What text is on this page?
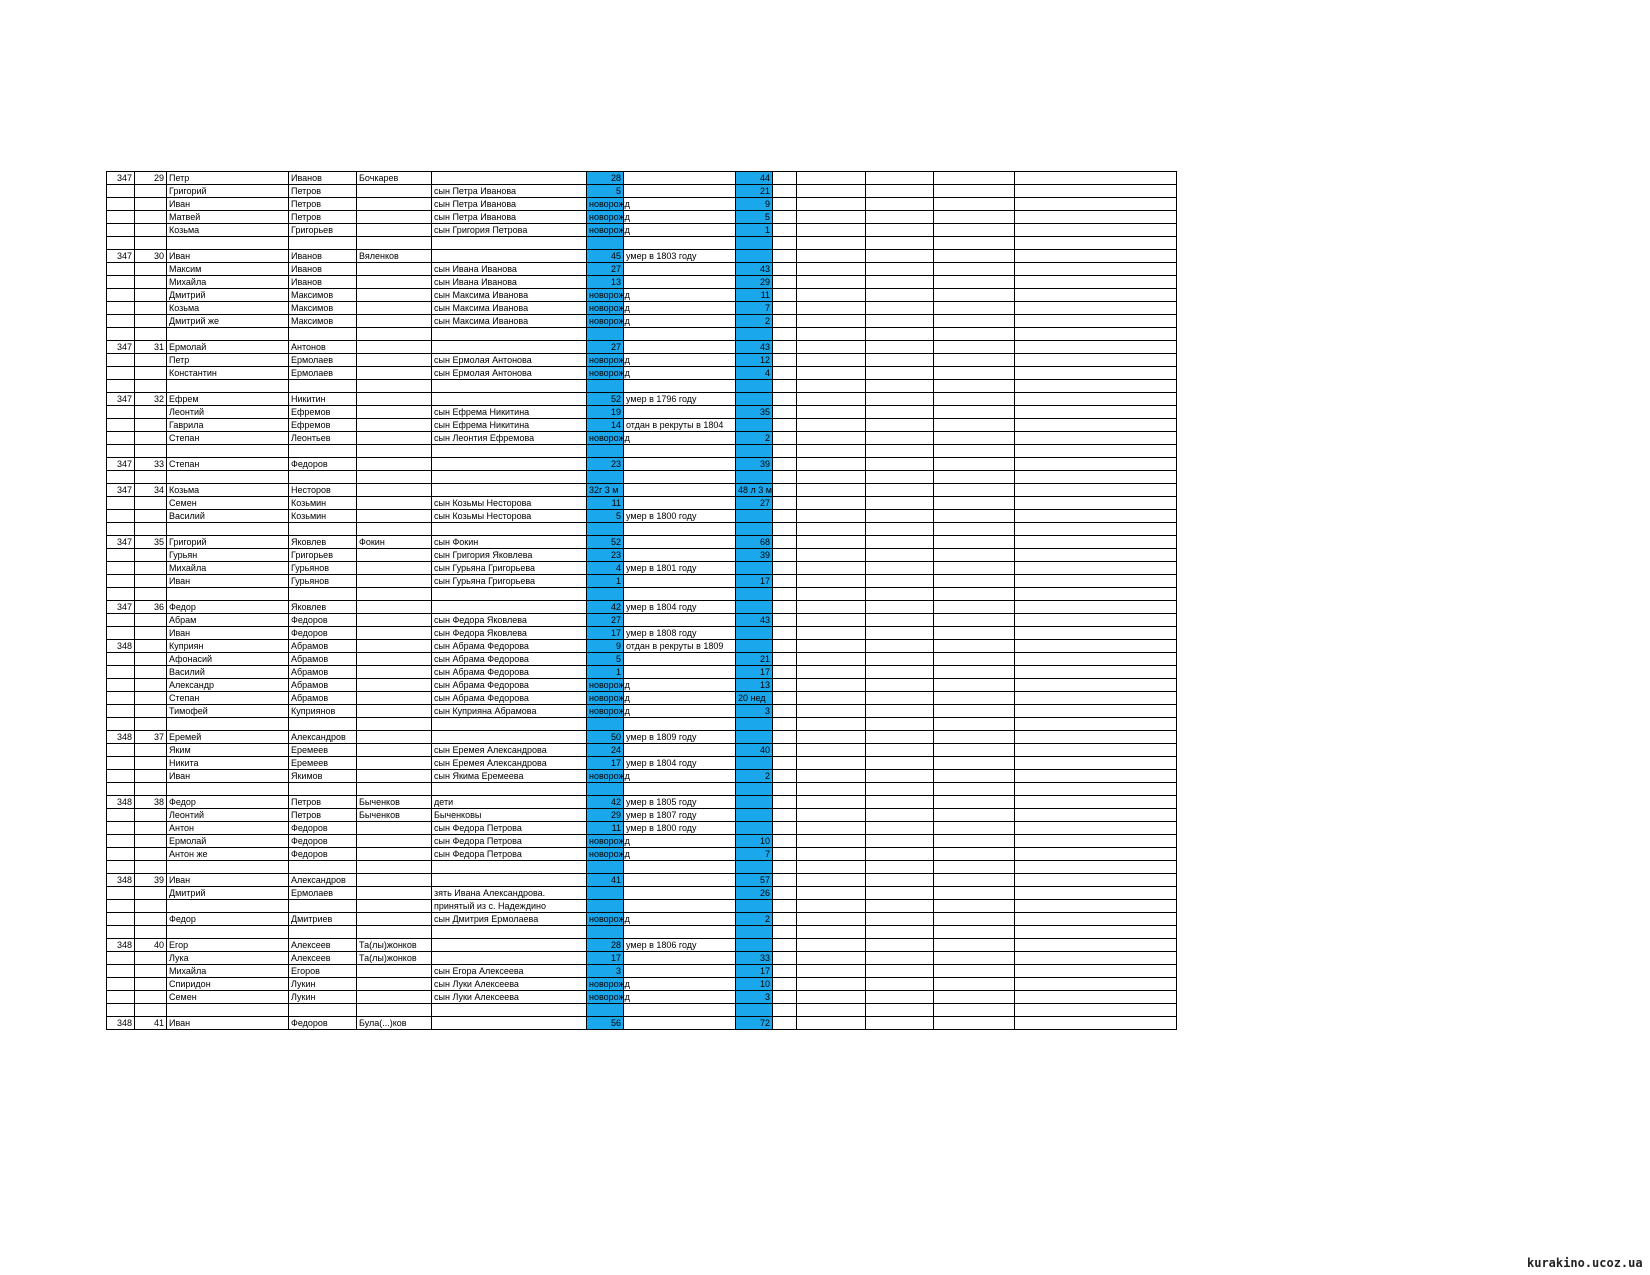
347	29	Петр	Иванов	Бочкарев		28		44					
		Григорий	Петров		сын Петра Иванова	5		21					
		Иван	Петров		сын Петра Иванова	новорожд		9					
		Матвей	Петров		сын Петра Иванова	новорожд		5					
		Козьма	Григорьев		сын Григория Петрова	новорожд		1					

347	30	Иван	Иванов	Вяленков		45	умер в 1803 году						

		Максим	Иванов		сын Ивана Иванова	27		43					
		Михайла	Иванов		сын Ивана Иванова	13		29					
		Дмитрий	Максимов		сын Максима Иванова	новорожд		11					
		Козьма	Максимов		сын Максима Иванова	новорожд		7					
		Дмитрий же	Максимов		сын Максима Иванова	новорожд		2					

347	31	Ермолай	Антонов			27		43					
		Петр	Ермолаев		сын Ермолая Антонова	новорожд		12					
		Константин	Ермолаев		сын Ермолая Антонова	новорожд		4					

347	32	Ефрем	Никитин			52	умер в 1796 году						

		Леонтий	Ефремов		сын Ефрема Никитина	19		35					
		Гаврила	Ефремов		сын Ефрема Никитина	14	отдан в рекруты в 1804						

		Степан	Леонтьев		сын Леонтия Ефремова	новорожд		2					

347	33	Степан	Федоров			23		39					

347	34	Козьма	Несторов			32г 3 м		48 л 3 м					

		Семен	Козьмин		сын Козьмы Несторова	11		27					
		Василий	Козьмин		сын Козьмы Несторова	5	умер в 1800 году						

347	35	Григорий	Яковлев	Фокин	сын Фокин	52		68					
		Гурьян	Григорьев		сын Григория Яковлева	23		39					
		Михайла	Гурьянов		сын Гурьяна Григорьева	4	умер в 1801 году						

		Иван	Гурьянов		сын Гурьяна Григорьева	1		17					

347	36	Федор	Яковлев			42	умер в 1804 году						

		Абрам	Федоров		сын Федора Яковлева	27		43					
		Иван	Федоров		сын Федора Яковлева	17	умер в 1808 году						

348		Куприян	Абрамов		сын Абрама Федорова	9	отдан в рекруты в 1809						

		Афонасий	Абрамов		сын Абрама Федорова	5		21					
		Василий	Абрамов		сын Абрама Федорова	1		17					
		Александр	Абрамов		сын Абрама Федорова	новорожд		13					
		Степан	Абрамов		сын Абрама Федорова	новорожд		20 нед					

		Тимофей	Куприянов		сын Куприяна Абрамова	новорожд		3					

348	37	Еремей	Александров			50	умер в 1809 году						

		Яким	Еремеев		сын Еремея Александрова	24		40					
		Никита	Еремеев		сын Еремея Александрова	17	умер в 1804 году						

		Иван	Якимов		сын Якима Еремеева	новорожд		2					

348	38	Федор	Петров	Быченков	дети	42	умер в 1805 году						

		Леонтий	Петров	Быченков	Быченковы	29	умер в 1807 году						

		Антон	Федоров		сын Федора Петрова	11	умер в 1800 году						

		Ермолай	Федоров		сын Федора Петрова	новорожд		10					
		Антон же	Федоров		сын Федора Петрова	новорожд		7					

348	39	Иван	Александров			41		57					
		Дмитрий	Ермолаев		зять Ивана Александрова.			26					
					принятый из с. Надеждино								
		Федор	Дмитриев		сын Дмитрия Ермолаева	новорожд		2					

348	40	Егор	Алексеев	Та(лы)жонков		28	умер в 1806 году						

		Лука	Алексеев	Та(лы)жонков		17		33					
		Михайла	Егоров		сын Егора Алексеева	3		17					
		Спиридон	Лукин		сын Луки Алексеева	новорожд		10					
		Семен	Лукин		сын Луки Алексеева	новорожд		3					

348	41	Иван	Федоров	Була(...)ков		56		72					
kurakino.ucoz.ua
